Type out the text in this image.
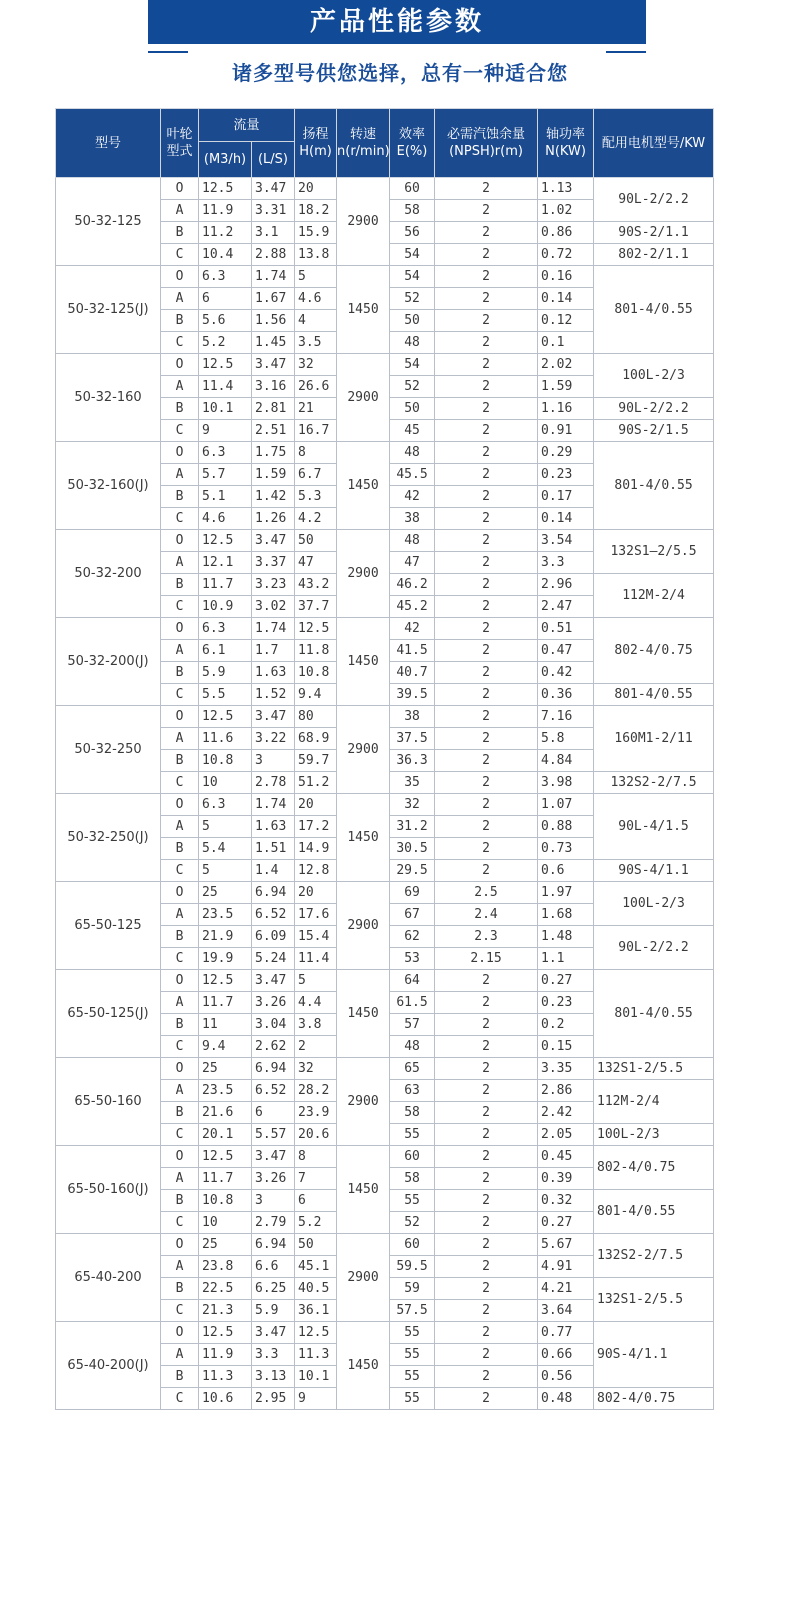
产品性能参数
诸多型号供您选择，总有一种适合您
型号	叶轮型式	流量		扬程H(m)	转速n(r/min)	效率E(%)	必需汽蚀余量(NPSH)r(m)	轴功率N(KW)	配用电机型号/KW
		(M3/h)	(L/S)						
50-32-125	O	12.5	3.47	20	2900	60	2	1.13	90L-2/2.2
	A	11.9	3.31	18.2		58	2	1.02	
	B	11.2	3.1	15.9		56	2	0.86	90S-2/1.1
	C	10.4	2.88	13.8		54	2	0.72	802-2/1.1
50-32-125(J)	O	6.3	1.74	5	1450	54	2	0.16	801-4/0.55
	A	6	1.67	4.6		52	2	0.14	
	B	5.6	1.56	4		50	2	0.12	
	C	5.2	1.45	3.5		48	2	0.1	
50-32-160	O	12.5	3.47	32	2900	54	2	2.02	100L-2/3
	A	11.4	3.16	26.6		52	2	1.59	
	B	10.1	2.81	21		50	2	1.16	90L-2/2.2
	C	9	2.51	16.7		45	2	0.91	90S-2/1.5
50-32-160(J)	O	6.3	1.75	8	1450	48	2	0.29	801-4/0.55
	A	5.7	1.59	6.7		45.5	2	0.23	
	B	5.1	1.42	5.3		42	2	0.17	
	C	4.6	1.26	4.2		38	2	0.14	
50-32-200	O	12.5	3.47	50	2900	48	2	3.54	132S1—2/5.5
	A	12.1	3.37	47		47	2	3.3	
	B	11.7	3.23	43.2		46.2	2	2.96	112M-2/4
	C	10.9	3.02	37.7		45.2	2	2.47	
50-32-200(J)	O	6.3	1.74	12.5	1450	42	2	0.51	802-4/0.75
	A	6.1	1.7	11.8		41.5	2	0.47	
	B	5.9	1.63	10.8		40.7	2	0.42	
	C	5.5	1.52	9.4		39.5	2	0.36	801-4/0.55
50-32-250	O	12.5	3.47	80	2900	38	2	7.16	160M1-2/11
	A	11.6	3.22	68.9		37.5	2	5.8	
	B	10.8	3	59.7		36.3	2	4.84	
	C	10	2.78	51.2		35	2	3.98	132S2-2/7.5
50-32-250(J)	O	6.3	1.74	20	1450	32	2	1.07	90L-4/1.5
	A	5	1.63	17.2		31.2	2	0.88	
	B	5.4	1.51	14.9		30.5	2	0.73	
	C	5	1.4	12.8		29.5	2	0.6	90S-4/1.1
65-50-125	O	25	6.94	20	2900	69	2.5	1.97	100L-2/3
	A	23.5	6.52	17.6		67	2.4	1.68	
	B	21.9	6.09	15.4		62	2.3	1.48	90L-2/2.2
	C	19.9	5.24	11.4		53	2.15	1.1	
65-50-125(J)	O	12.5	3.47	5	1450	64	2	0.27	801-4/0.55
	A	11.7	3.26	4.4		61.5	2	0.23	
	B	11	3.04	3.8		57	2	0.2	
	C	9.4	2.62	2		48	2	0.15	
65-50-160	O	25	6.94	32	2900	65	2	3.35	132S1-2/5.5
	A	23.5	6.52	28.2		63	2	2.86	112M-2/4
	B	21.6	6	23.9		58	2	2.42	
	C	20.1	5.57	20.6		55	2	2.05	100L-2/3
65-50-160(J)	O	12.5	3.47	8	1450	60	2	0.45	802-4/0.75
	A	11.7	3.26	7		58	2	0.39	
	B	10.8	3	6		55	2	0.32	801-4/0.55
	C	10	2.79	5.2		52	2	0.27	
65-40-200	O	25	6.94	50	2900	60	2	5.67	132S2-2/7.5
	A	23.8	6.6	45.1		59.5	2	4.91	
	B	22.5	6.25	40.5		59	2	4.21	132S1-2/5.5
	C	21.3	5.9	36.1		57.5	2	3.64	
65-40-200(J)	O	12.5	3.47	12.5	1450	55	2	0.77	90S-4/1.1
	A	11.9	3.3	11.3		55	2	0.66	
	B	11.3	3.13	10.1		55	2	0.56	
	C	10.6	2.95	9		55	2	0.48	802-4/0.75
